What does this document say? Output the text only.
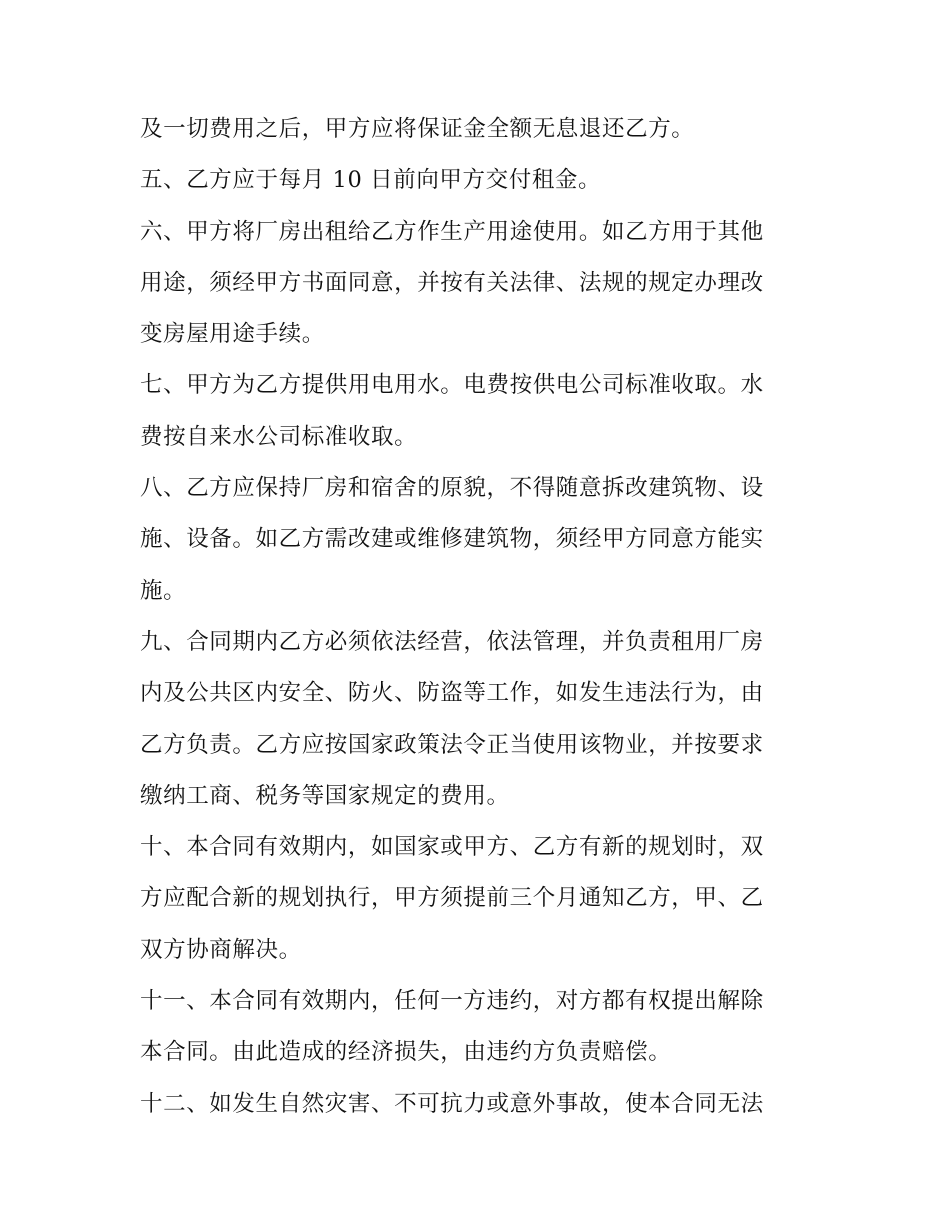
及一切费用之后，甲方应将保证金全额无息退还乙方。
五、乙方应于每月 10 日前向甲方交付租金。
六、甲方将厂房出租给乙方作生产用途使用。如乙方用于其他
用途，须经甲方书面同意，并按有关法律、法规的规定办理改
变房屋用途手续。
七、甲方为乙方提供用电用水。电费按供电公司标准收取。水
费按自来水公司标准收取。
八、乙方应保持厂房和宿舍的原貌，不得随意拆改建筑物、设
施、设备。如乙方需改建或维修建筑物，须经甲方同意方能实
施。
九、合同期内乙方必须依法经营，依法管理，并负责租用厂房
内及公共区内安全、防火、防盗等工作，如发生违法行为，由
乙方负责。乙方应按国家政策法令正当使用该物业，并按要求
缴纳工商、税务等国家规定的费用。
十、本合同有效期内，如国家或甲方、乙方有新的规划时，双
方应配合新的规划执行，甲方须提前三个月通知乙方，甲、乙
双方协商解决。
十一、本合同有效期内，任何一方违约，对方都有权提出解除
本合同。由此造成的经济损失，由违约方负责赔偿。
十二、如发生自然灾害、不可抗力或意外事故，使本合同无法
